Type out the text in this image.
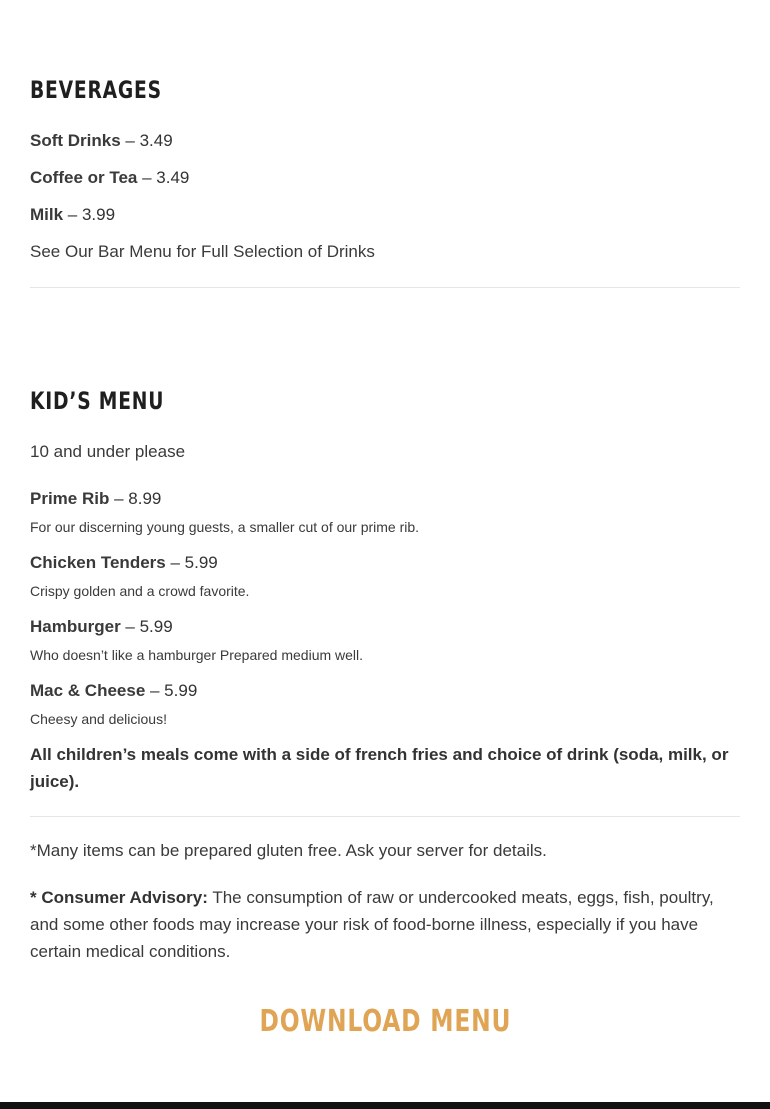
BEVERAGES
Soft Drinks – 3.49
Coffee or Tea – 3.49
Milk – 3.99
See Our Bar Menu for Full Selection of Drinks
KID’S MENU
10 and under please
Prime Rib – 8.99
For our discerning young guests, a smaller cut of our prime rib.
Chicken Tenders – 5.99
Crispy golden and a crowd favorite.
Hamburger – 5.99
Who doesn’t like a hamburger Prepared medium well.
Mac & Cheese – 5.99
Cheesy and delicious!
All children’s meals come with a side of french fries and choice of drink (soda, milk, or juice).
*Many items can be prepared gluten free. Ask your server for details.
* Consumer Advisory: The consumption of raw or undercooked meats, eggs, fish, poultry, and some other foods may increase your risk of food-borne illness, especially if you have certain medical conditions.
DOWNLOAD MENU
